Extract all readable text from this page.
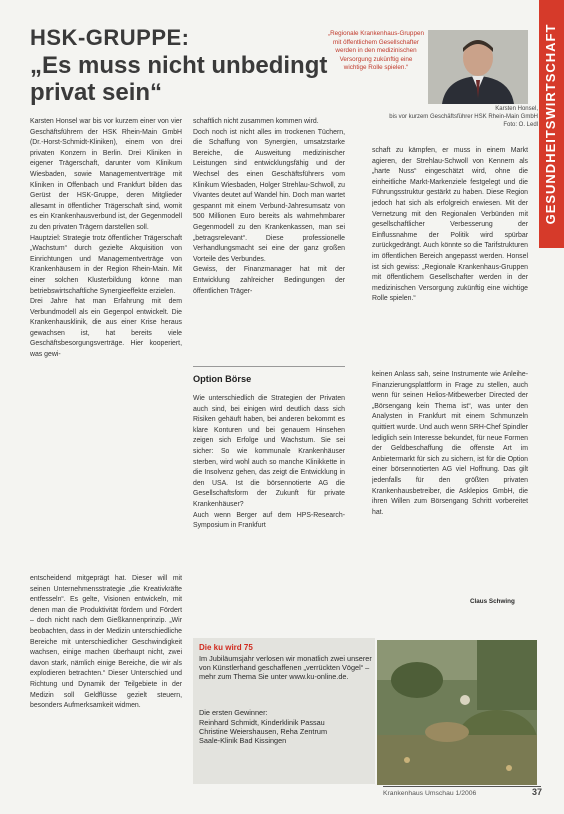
GESUNDHEITSWIRTSCHAFT
HSK-GRUPPE:
„Es muss nicht unbedingt privat sein“
„Regionale Krankenhaus-Gruppen mit öffentlichem Gesellschafter werden in den medizinischen Versorgung zukünftig eine wichtige Rolle spielen.“
Karsten Honsel,
bis vor kurzem Geschäftsführer HSK Rhein-Main GmbH
Foto: O. Ledl

Karsten Honsel war bis vor kurzem einer von vier Geschäftsführern der HSK Rhein-Main GmbH (Dr.-Horst-Schmidt-Kliniken), einem von drei privaten Konzern in Berlin. Drei Kliniken in eigener Trägerschaft, darunter vom Klinikum Wiesbaden, sowie Managementverträge mit Kliniken in Offenbach und Frankfurt bilden das Gerüst der HSK-Gruppe, deren Mitglieder allesamt in öffentlicher Trägerschaft sind, womit es ein Krankenhausverbund ist, der Gegenmodell zu den privaten Trägern darstellen soll.

Hauptziel: Strategie trotz öffentlicher Trägerschaft „Wachstum“ durch gezielte Akquisition von Einrichtungen und Managementverträge von Krankenhäusern in der Region Rhein-Main. Mit einer solchen Klusterbildung könne man betriebswirtschaftliche Synergieeffekte erzielen.

Drei Jahre hat man Erfahrung mit dem Verbundmodell als ein Gegenpol entwickelt. Die Krankenhausklinik, die aus einer Krise heraus gewachsen ist, hat bereits viele Geschäftsbesorgungsverträge. Hier kooperiert, was gewi-

schaftlich nicht zusammen kommen wird.

Doch noch ist nicht alles im trockenen Tüchern, die Schaffung von Synergien, umsatzstarke Bereiche, die Ausweitung medizinischer Leistungen sind entwicklungsfähig und der Wechsel des einen Geschäftsführers vom Klinikum Wiesbaden, Holger Strehlau-Schwoll, zu Vivantes deutet auf Wandel hin. Doch man wartet gespannt mit einem Verbund-Jahresumsatz von 500 Millionen Euro bereits als wahrnehmbarer Gegenmodell zu den Krankenkassen, man sei „betragsrelevant“. Diese professionelle Verhandlungsmacht sei eine der ganz großen Vorteile des Verbundes.

Gewiss, der Finanzmanager hat mit der Entwicklung zahlreicher Bedingungen der öffentlichen Träger-

schaft zu kämpfen, er muss in einem Markt agieren, der Strehlau-Schwoll von Kennern als „harte Nuss“ eingeschätzt wird, ohne die einheitliche Markt-Markenziele festgelegt und die Führungsstruktur gestärkt zu haben. Diese Region jedoch hat sich als erfolgreich erwiesen. Mit der Vernetzung mit den Regionalen Verbünden mit gesellschaftlicher Verbesserung der Einflussnahme der Politik wird spürbar zurückgedrängt. Auch könnte so die Tarifstrukturen im öffentlichen Bereich angepasst werden. Honsel ist sich gewiss: „Regionale Krankenhaus-Gruppen mit öffentlichem Gesellschafter werden in der medizinischen Versorgung zukünftig eine wichtige Rolle spielen.“

Option Börse

Wie unterschiedlich die Strategien der Privaten auch sind, bei einigen wird deutlich dass sich Risiken gehäuft haben, bei anderen bekommt es klare Konturen und bei genauem Hinsehen zeigen sich Erfolge und Wachstum. Sie sei sicher: So wie kommunale Krankenhäuser sterben, wird wohl auch so manche Klinikkette in die Insolvenz gehen, das zeigt die Entwicklung in den USA. Ist die börsennotierte AG die Gesellschaftsform der Zukunft für private Krankenhäuser?

Auch wenn Berger auf dem HPS-Research-Symposium in Frankfurt

keinen Anlass sah, seine Instrumente wie Anleihe-Finanzierungsplattform in Frage zu stellen, auch wenn für seinen Helios-Mitbewerber Directed der „Börsengang kein Thema ist“, was unter den Analysten in Frankfurt mit einem Schmunzeln quittiert wurde. Und auch wenn SRH-Chef Spindler lediglich sein Interesse bekundet, für neue Formen der Geldbeschaffung die offenste Art im Anbietermarkt für sich zu sichern, ist für die Option einer börsennotierten AG viel Hoffnung. Das gilt jedenfalls für den größten privaten Krankenhausbetreiber, die Asklepios GmbH, die ihren Willen zum Börsengang Schritt vorbereitet hat.

Claus Schwing

entscheidend mitgeprägt hat. Dieser will mit seinen Unternehmensstrategie „die Kreativkräfte entfesseln“. Es gelte, Visionen entwickeln, mit denen man die Produktivität fördern und Fördert – doch nicht nach dem Gießkannenprinzip. „Wir beobachten, dass in der Medizin unterschiedliche Bereiche mit unterschiedlicher Geschwindigkeit wachsen, einige machen überhaupt nicht, zwei davon stark, nämlich einige Bereiche, die wir als explodieren betrachten.“ Dieser Unterschied und Richtung und Dynamik der Teilgebiete in der Medizin soll Geldflüsse gezielt steuern, besonders Aufmerksamkeit widmen.

Die ku wird 75

Im Jubiläumsjahr verlosen wir monatlich zwei unserer von Künstlerhand geschaffenen „verrückten Vögel“ – mehr zum Thema Sie unter www.ku-online.de.

Die ersten Gewinner:

Reinhard Schmidt, Kinderklinik Passau

Christine Weiershausen, Reha Zentrum

Saale-Klinik Bad Kissingen

Krankenhaus Umschau 1/2006	37
